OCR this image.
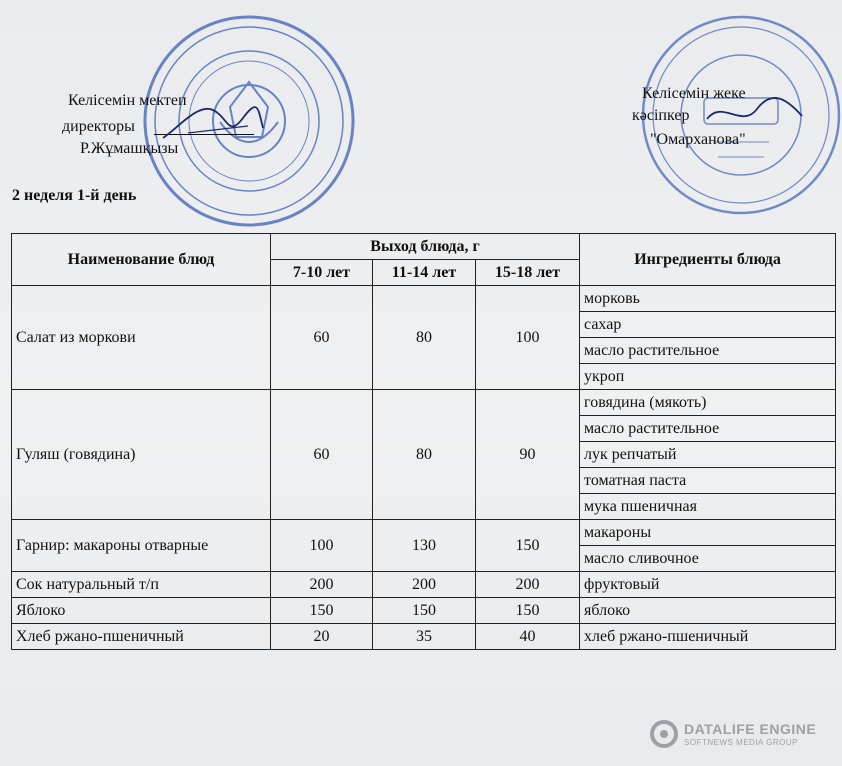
Келісемін мектеп
директоры
Р.Жұмашқызы
Келісемін жеке
кәсіпкер
"Омарханова"
2 неделя 1-й день
Наименование блюд	Выход блюда, г			Ингредиенты блюда
	7-10 лет	11-14 лет	15-18 лет	
Салат из моркови	60	80	100	морковь
				сахар
				масло растительное
				укроп
Гуляш (говядина)	60	80	90	говядина (мякоть)
				масло растительное
				лук репчатый
				томатная паста
				мука пшеничная
Гарнир: макароны отварные	100	130	150	макароны
				масло сливочное
Сок натуральный т/п	200	200	200	фруктовый
Яблоко	150	150	150	яблоко
Хлеб ржано-пшеничный	20	35	40	хлеб ржано-пшеничный
DATALIFE ENGINE
SOFTNEWS MEDIA GROUP
